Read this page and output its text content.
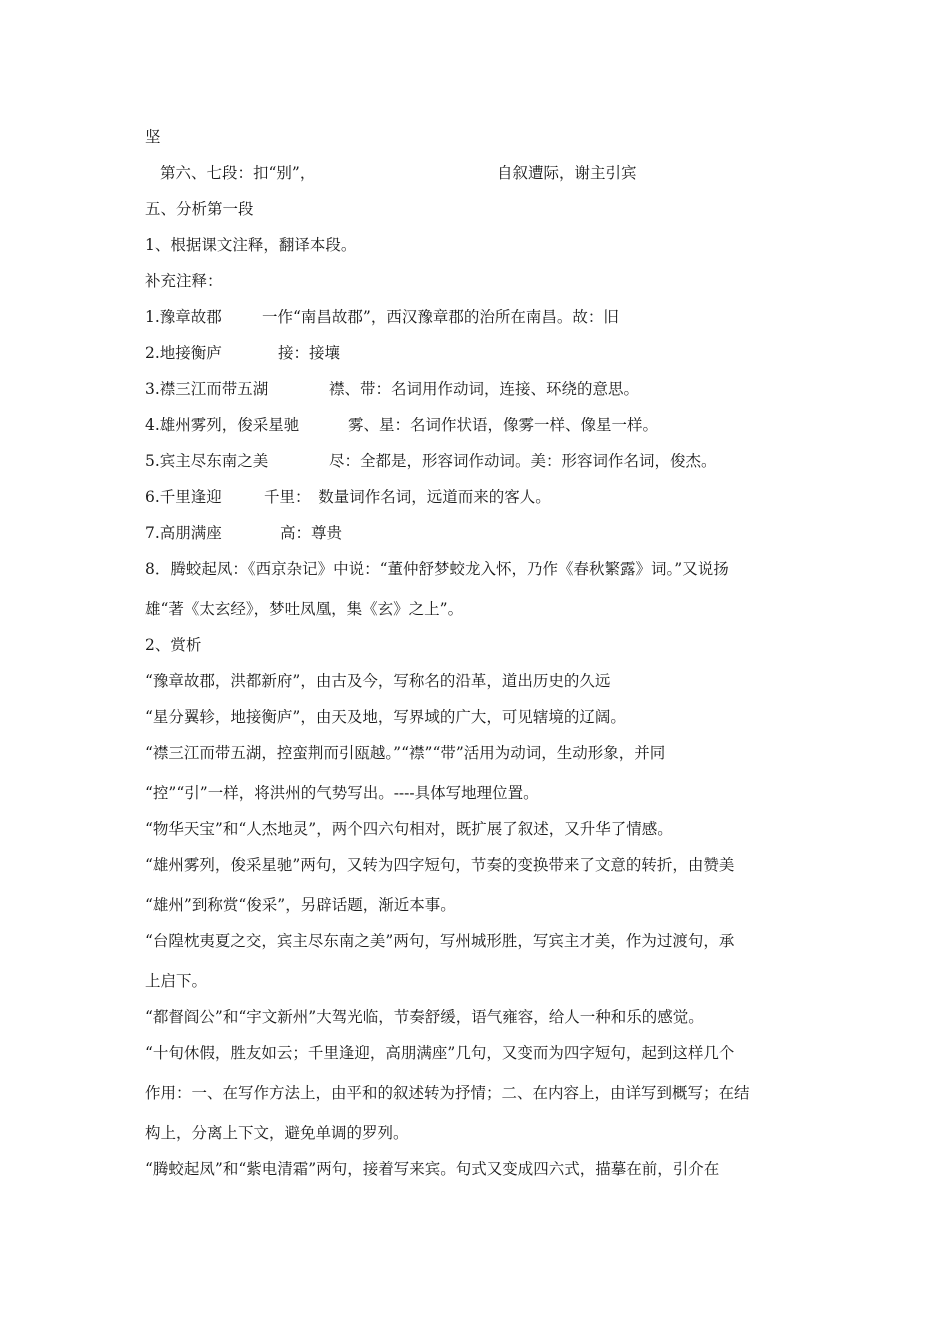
坚
第六、七段：扣“别”，	自叙遭际，谢主引宾
五、分析第一段
1、根据课文注释，翻译本段。
补充注释：
1.豫章故郡	一作“南昌故郡”，西汉豫章郡的治所在南昌。故：旧
2.地接衡庐	接：接壤
3.襟三江而带五湖	襟、带：名词用作动词，连接、环绕的意思。
4.雄州雾列，俊采星驰	雾、星：名词作状语，像雾一样、像星一样。
5.宾主尽东南之美	尽：全都是，形容词作动词。美：形容词作名词，俊杰。
6.千里逢迎	千里：　数量词作名词，远道而来的客人。
7.高朋满座	高：尊贵
8．腾蛟起凤：《西京杂记》中说：“董仲舒梦蛟龙入怀，乃作《春秋繁露》词。”又说扬
雄“著《太玄经》，梦吐凤凰，集《玄》之上”。
2、赏析
“豫章故郡，洪都新府”，由古及今，写称名的沿革，道出历史的久远
“星分翼轸，地接衡庐”，由天及地，写界域的广大，可见辖境的辽阔。
“襟三江而带五湖，控蛮荆而引瓯越。”“襟”“带”活用为动词，生动形象，并同
“控”“引”一样，将洪州的气势写出。----具体写地理位置。
“物华天宝”和“人杰地灵”，两个四六句相对，既扩展了叙述，又升华了情感。
“雄州雾列，俊采星驰”两句，又转为四字短句，节奏的变换带来了文意的转折，由赞美
“雄州”到称赏“俊采”，另辟话题，渐近本事。
“台隍枕夷夏之交，宾主尽东南之美”两句，写州城形胜，写宾主才美，作为过渡句，承
上启下。
“都督阎公”和“宇文新州”大驾光临，节奏舒缓，语气雍容，给人一种和乐的感觉。
“十旬休假，胜友如云；千里逢迎，高朋满座”几句，又变而为四字短句，起到这样几个
作用：一、在写作方法上，由平和的叙述转为抒情；二、在内容上，由详写到概写；在结
构上，分离上下文，避免单调的罗列。
“腾蛟起凤”和“紫电清霜”两句，接着写来宾。句式又变成四六式，描摹在前，引介在
